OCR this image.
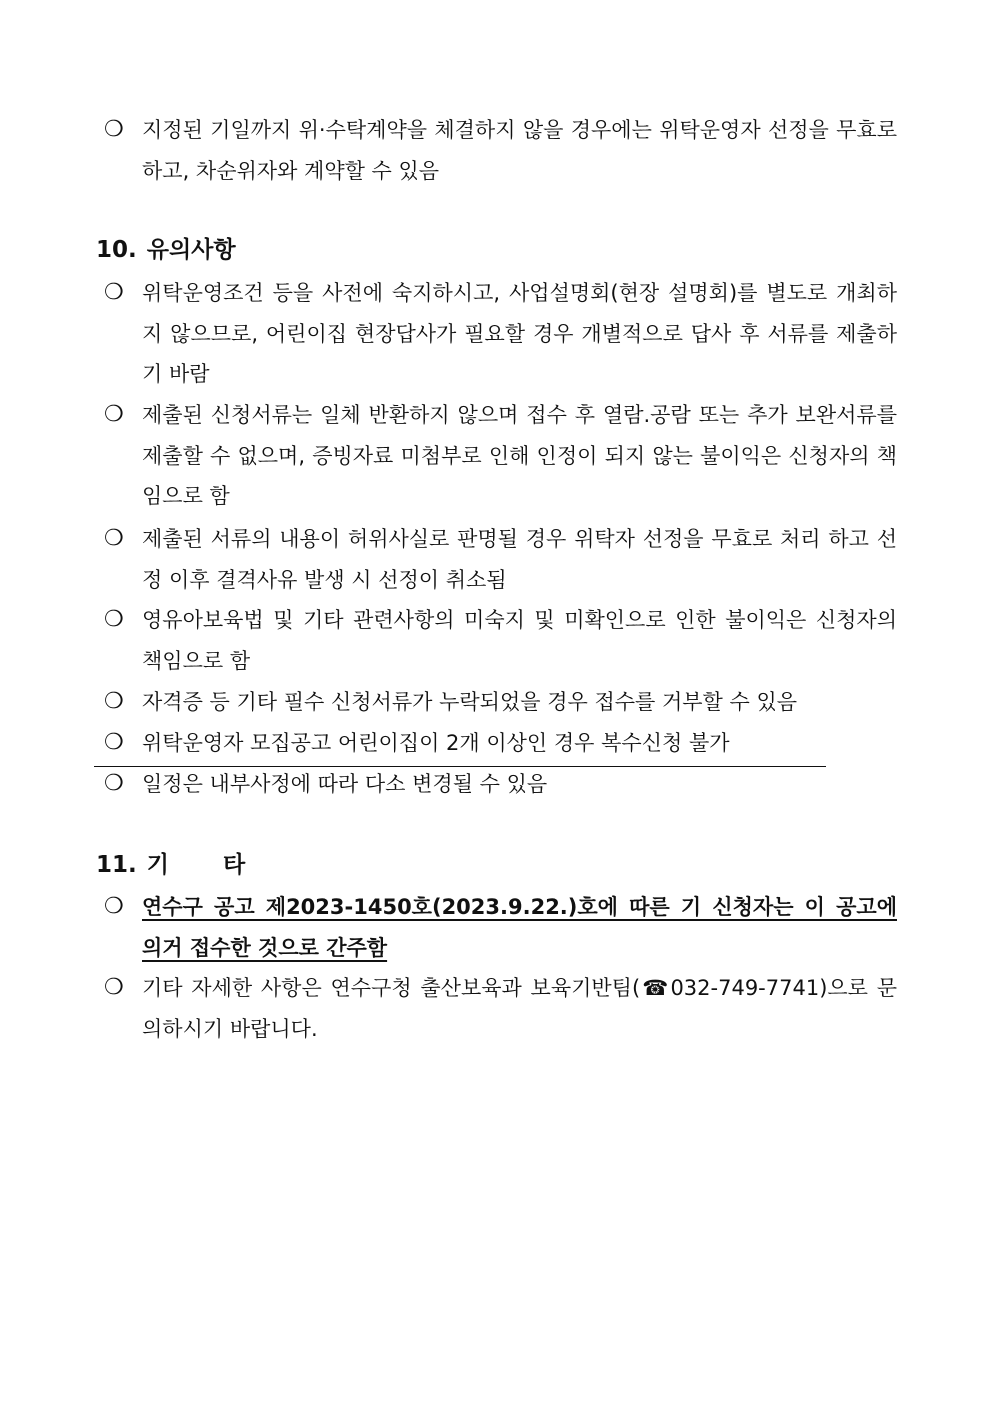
❍ 지정된 기일까지 위·수탁계약을 체결하지 않을 경우에는 위탁운영자 선정을 무효로 하고, 차순위자와 계약할 수 있음
10. 유의사항
❍ 위탁운영조건 등을 사전에 숙지하시고, 사업설명회(현장 설명회)를 별도로 개최하지 않으므로, 어린이집 현장답사가 필요할 경우 개별적으로 답사 후 서류를 제출하기 바람
❍ 제출된 신청서류는 일체 반환하지 않으며 접수 후 열람.공람 또는 추가 보완서류를 제출할 수 없으며, 증빙자료 미첨부로 인해 인정이 되지 않는 불이익은 신청자의 책임으로 함
❍ 제출된 서류의 내용이 허위사실로 판명될 경우 위탁자 선정을 무효로 처리 하고 선정 이후 결격사유 발생 시 선정이 취소됨
❍ 영유아보육법 및 기타 관련사항의 미숙지 및 미확인으로 인한 불이익은 신청자의 책임으로 함
❍ 자격증 등 기타 필수 신청서류가 누락되었을 경우 접수를 거부할 수 있음
❍ 위탁운영자 모집공고 어린이집이 2개 이상인 경우 복수신청 불가
❍ 일정은 내부사정에 따라 다소 변경될 수 있음
11. 기타
❍ 연수구 공고 제2023-1450호(2023.9.22.)호에 따른 기 신청자는 이 공고에 의거 접수한 것으로 간주함
❍ 기타 자세한 사항은 연수구청 출산보육과 보육기반팀(☎032-749-7741)으로 문의하시기 바랍니다.
